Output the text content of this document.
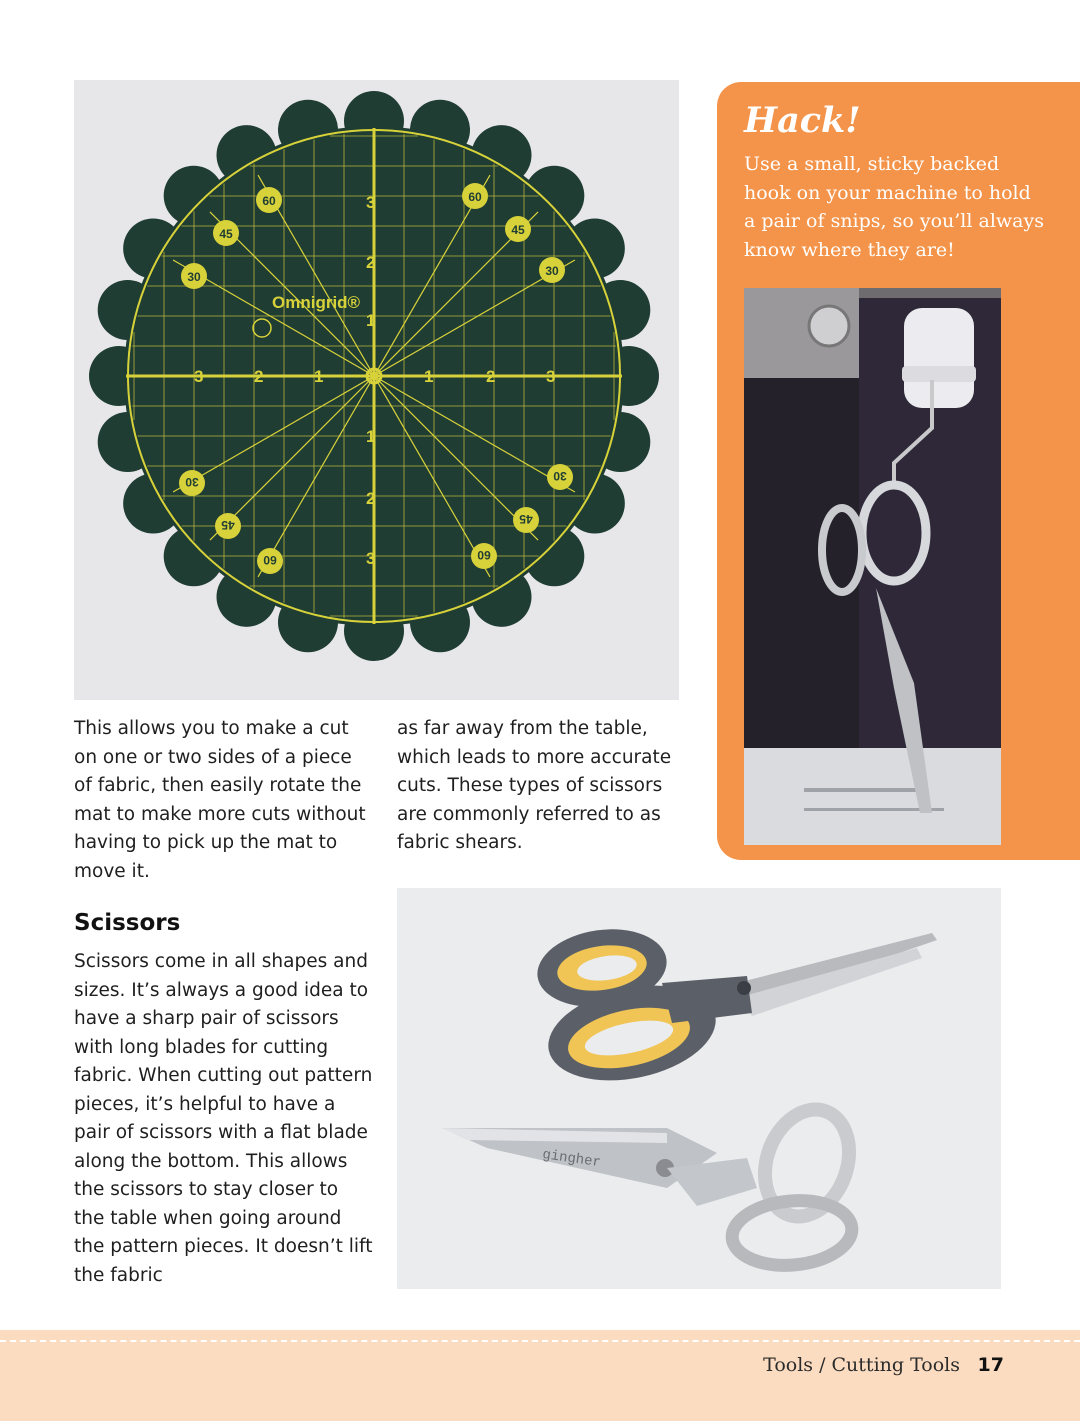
Omnigrid®
3	2	1	1	2	3
3
2
1
1
2
3
60
45
30
60
45
30
30
45
60
30
45
60
Hack!

Use a small, sticky backed hook on your machine to hold a pair of snips, so you’ll always know where they are!

This allows you to make a cut on one or two sides of a piece of fabric, then easily rotate the mat to make more cuts without having to pick up the mat to move it.

as far away from the table, which leads to more accurate cuts. These types of scissors are commonly referred to as fabric shears.

Scissors

Scissors come in all shapes and sizes. It’s always a good idea to have a sharp pair of scissors with long blades for cutting fabric. When cutting out pattern pieces, it’s helpful to have a pair of scissors with a flat blade along the bottom. This allows the scissors to stay closer to the table when going around the pattern pieces. It doesn’t lift the fabric

gingher
Tools / Cutting Tools 17
